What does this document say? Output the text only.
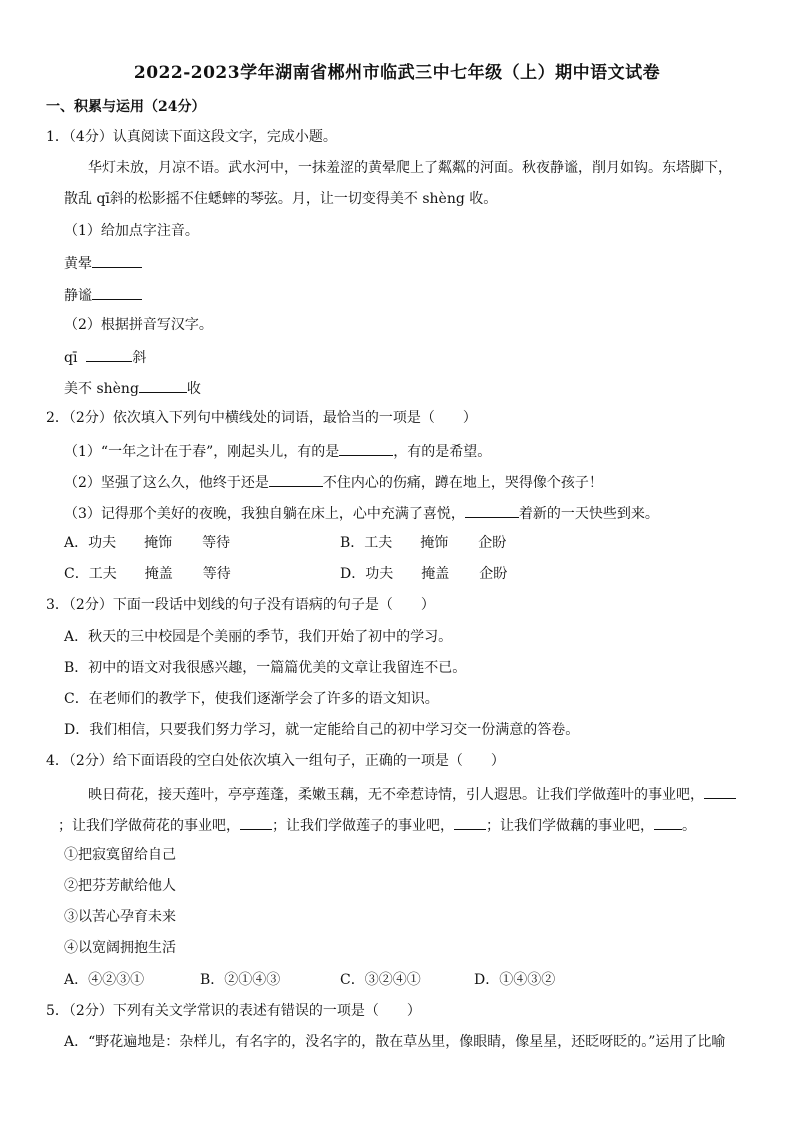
2022-2023学年湖南省郴州市临武三中七年级（上）期中语文试卷
一、积累与运用（24分）
1．（4分）认真阅读下面这段文字，完成小题。
华灯未放，月凉不语。武水河中，一抹羞涩的黄晕爬上了粼粼的河面。秋夜静谧，削月如钩。东塔脚下，
散乱 qī斜的松影摇不住蟋蟀的琴弦。月，让一切变得美不 shèng 收。
（1）给加点字注音。
黄晕
静谧
（2）根据拼音写汉字。
qī	斜
美不 shèng	收
2．（2分）依次填入下列句中横线处的词语，最恰当的一项是（　　）
（1）“一年之计在于春”，刚起头儿，有的是	，有的是希望。
（2）坚强了这么久，他终于还是	不住内心的伤痛，蹲在地上，哭得像个孩子！
（3）记得那个美好的夜晚，我独自躺在床上，心中充满了喜悦，	着新的一天快些到来。
A．功夫 掩饰 等待	B．工夫 掩饰 企盼
C．工夫 掩盖 等待	D．功夫 掩盖 企盼
3．（2分）下面一段话中划线的句子没有语病的句子是（　　）
A．秋天的三中校园是个美丽的季节，我们开始了初中的学习。
B．初中的语文对我很感兴趣，一篇篇优美的文章让我留连不已。
C．在老师们的教学下，使我们逐渐学会了许多的语文知识。
D．我们相信，只要我们努力学习，就一定能给自己的初中学习交一份满意的答卷。
4．（2分）给下面语段的空白处依次填入一组句子，正确的一项是（　　）
映日荷花，接天莲叶，亭亭莲蓬，柔嫩玉藕，无不牵惹诗情，引人遐思。让我们学做莲叶的事业吧，
；让我们学做荷花的事业吧， ；让我们学做莲子的事业吧， ；让我们学做藕的事业吧， 。
①把寂寞留给自己
②把芬芳献给他人
③以苦心孕育未来
④以宽阔拥抱生活
A．④②③①	B．②①④③	C．③②④①	D．①④③②
5．（2分）下列有关文学常识的表述有错误的一项是（　　）
A．“野花遍地是：杂样儿，有名字的，没名字的，散在草丛里，像眼睛，像星星，还眨呀眨的。”运用了比喻
